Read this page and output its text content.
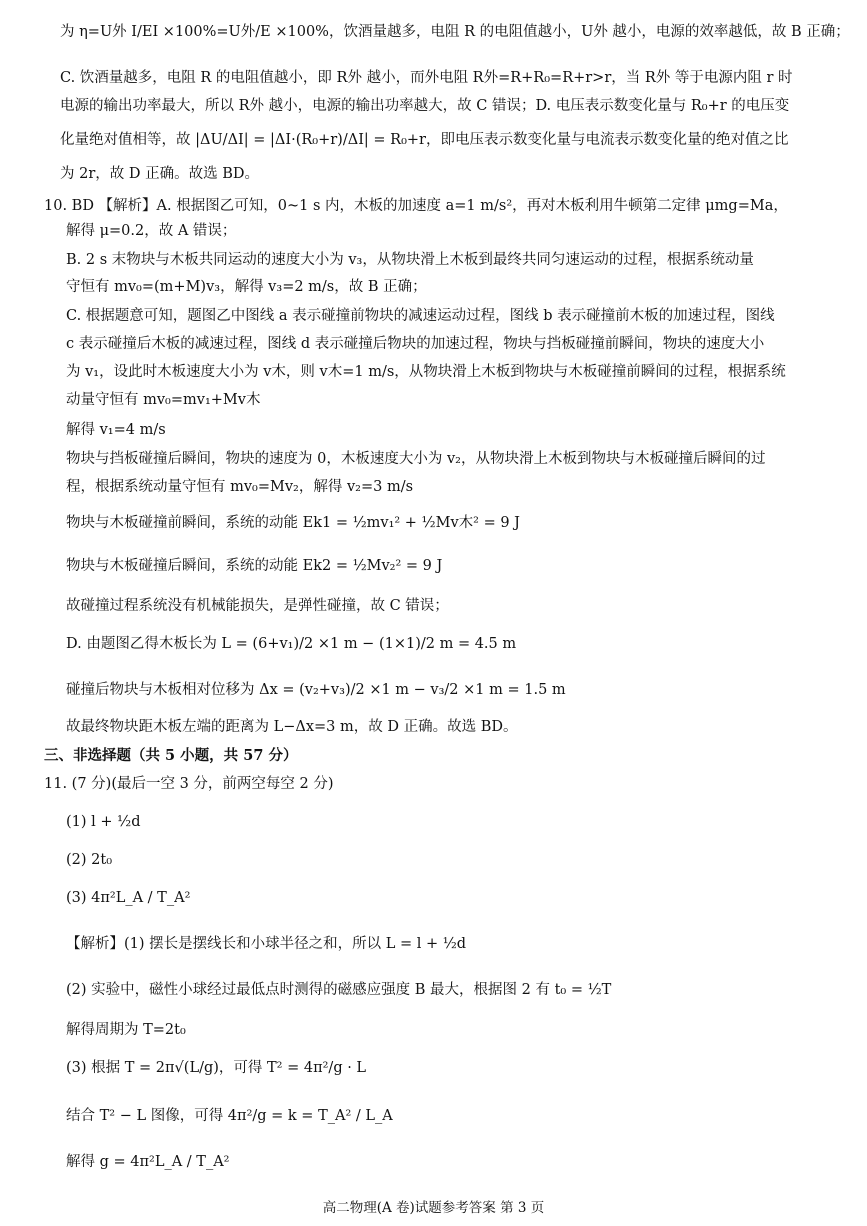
为 η=U外 I/EI ×100%=U外/E ×100%，饮酒量越多，电阻 R 的电阻值越小，U外 越小，电源的效率越低，故 B 正确；
C. 饮酒量越多，电阻 R 的电阻值越小，即 R外 越小，而外电阻 R外=R+R₀=R+r>r，当 R外 等于电源内阻 r 时
电源的输出功率最大，所以 R外 越小，电源的输出功率越大，故 C 错误；D. 电压表示数变化量与 R₀+r 的电压变
化量绝对值相等，故 |ΔU/ΔI| = |ΔI·(R₀+r)/ΔI| = R₀+r，即电压表示数变化量与电流表示数变化量的绝对值之比
为 2r，故 D 正确。故选 BD。
10. BD 【解析】A. 根据图乙可知，0~1 s 内，木板的加速度 a=1 m/s²，再对木板利用牛顿第二定律 μmg=Ma，
解得 μ=0.2，故 A 错误；
B. 2 s 末物块与木板共同运动的速度大小为 v₃，从物块滑上木板到最终共同匀速运动的过程，根据系统动量
守恒有 mv₀=(m+M)v₃，解得 v₃=2 m/s，故 B 正确；
C. 根据题意可知，题图乙中图线 a 表示碰撞前物块的减速运动过程，图线 b 表示碰撞前木板的加速过程，图线
c 表示碰撞后木板的减速过程，图线 d 表示碰撞后物块的加速过程，物块与挡板碰撞前瞬间，物块的速度大小
为 v₁，设此时木板速度大小为 v木，则 v木=1 m/s，从物块滑上木板到物块与木板碰撞前瞬间的过程，根据系统
动量守恒有 mv₀=mv₁+Mv木
解得 v₁=4 m/s
物块与挡板碰撞后瞬间，物块的速度为 0，木板速度大小为 v₂，从物块滑上木板到物块与木板碰撞后瞬间的过
程，根据系统动量守恒有 mv₀=Mv₂，解得 v₂=3 m/s
物块与木板碰撞前瞬间，系统的动能 Ek1 = ½mv₁² + ½Mv木² = 9 J
物块与木板碰撞后瞬间，系统的动能 Ek2 = ½Mv₂² = 9 J
故碰撞过程系统没有机械能损失，是弹性碰撞，故 C 错误；
D. 由题图乙得木板长为 L = (6+v₁)/2 ×1 m − (1×1)/2 m = 4.5 m
碰撞后物块与木板相对位移为 Δx = (v₂+v₃)/2 ×1 m − v₃/2 ×1 m = 1.5 m
故最终物块距木板左端的距离为 L−Δx=3 m，故 D 正确。故选 BD。
三、非选择题（共 5 小题，共 57 分）
11. (7 分)(最后一空 3 分，前两空每空 2 分)
(1) l + ½d
(2) 2t₀
(3) 4π²L_A / T_A²
【解析】(1) 摆长是摆线长和小球半径之和，所以 L = l + ½d
(2) 实验中，磁性小球经过最低点时测得的磁感应强度 B 最大，根据图 2 有 t₀ = ½T
解得周期为 T=2t₀
(3) 根据 T = 2π√(L/g)，可得 T² = 4π²/g · L
结合 T² − L 图像，可得 4π²/g = k = T_A² / L_A
解得 g = 4π²L_A / T_A²
高二物理(A 卷)试题参考答案 第 3 页
